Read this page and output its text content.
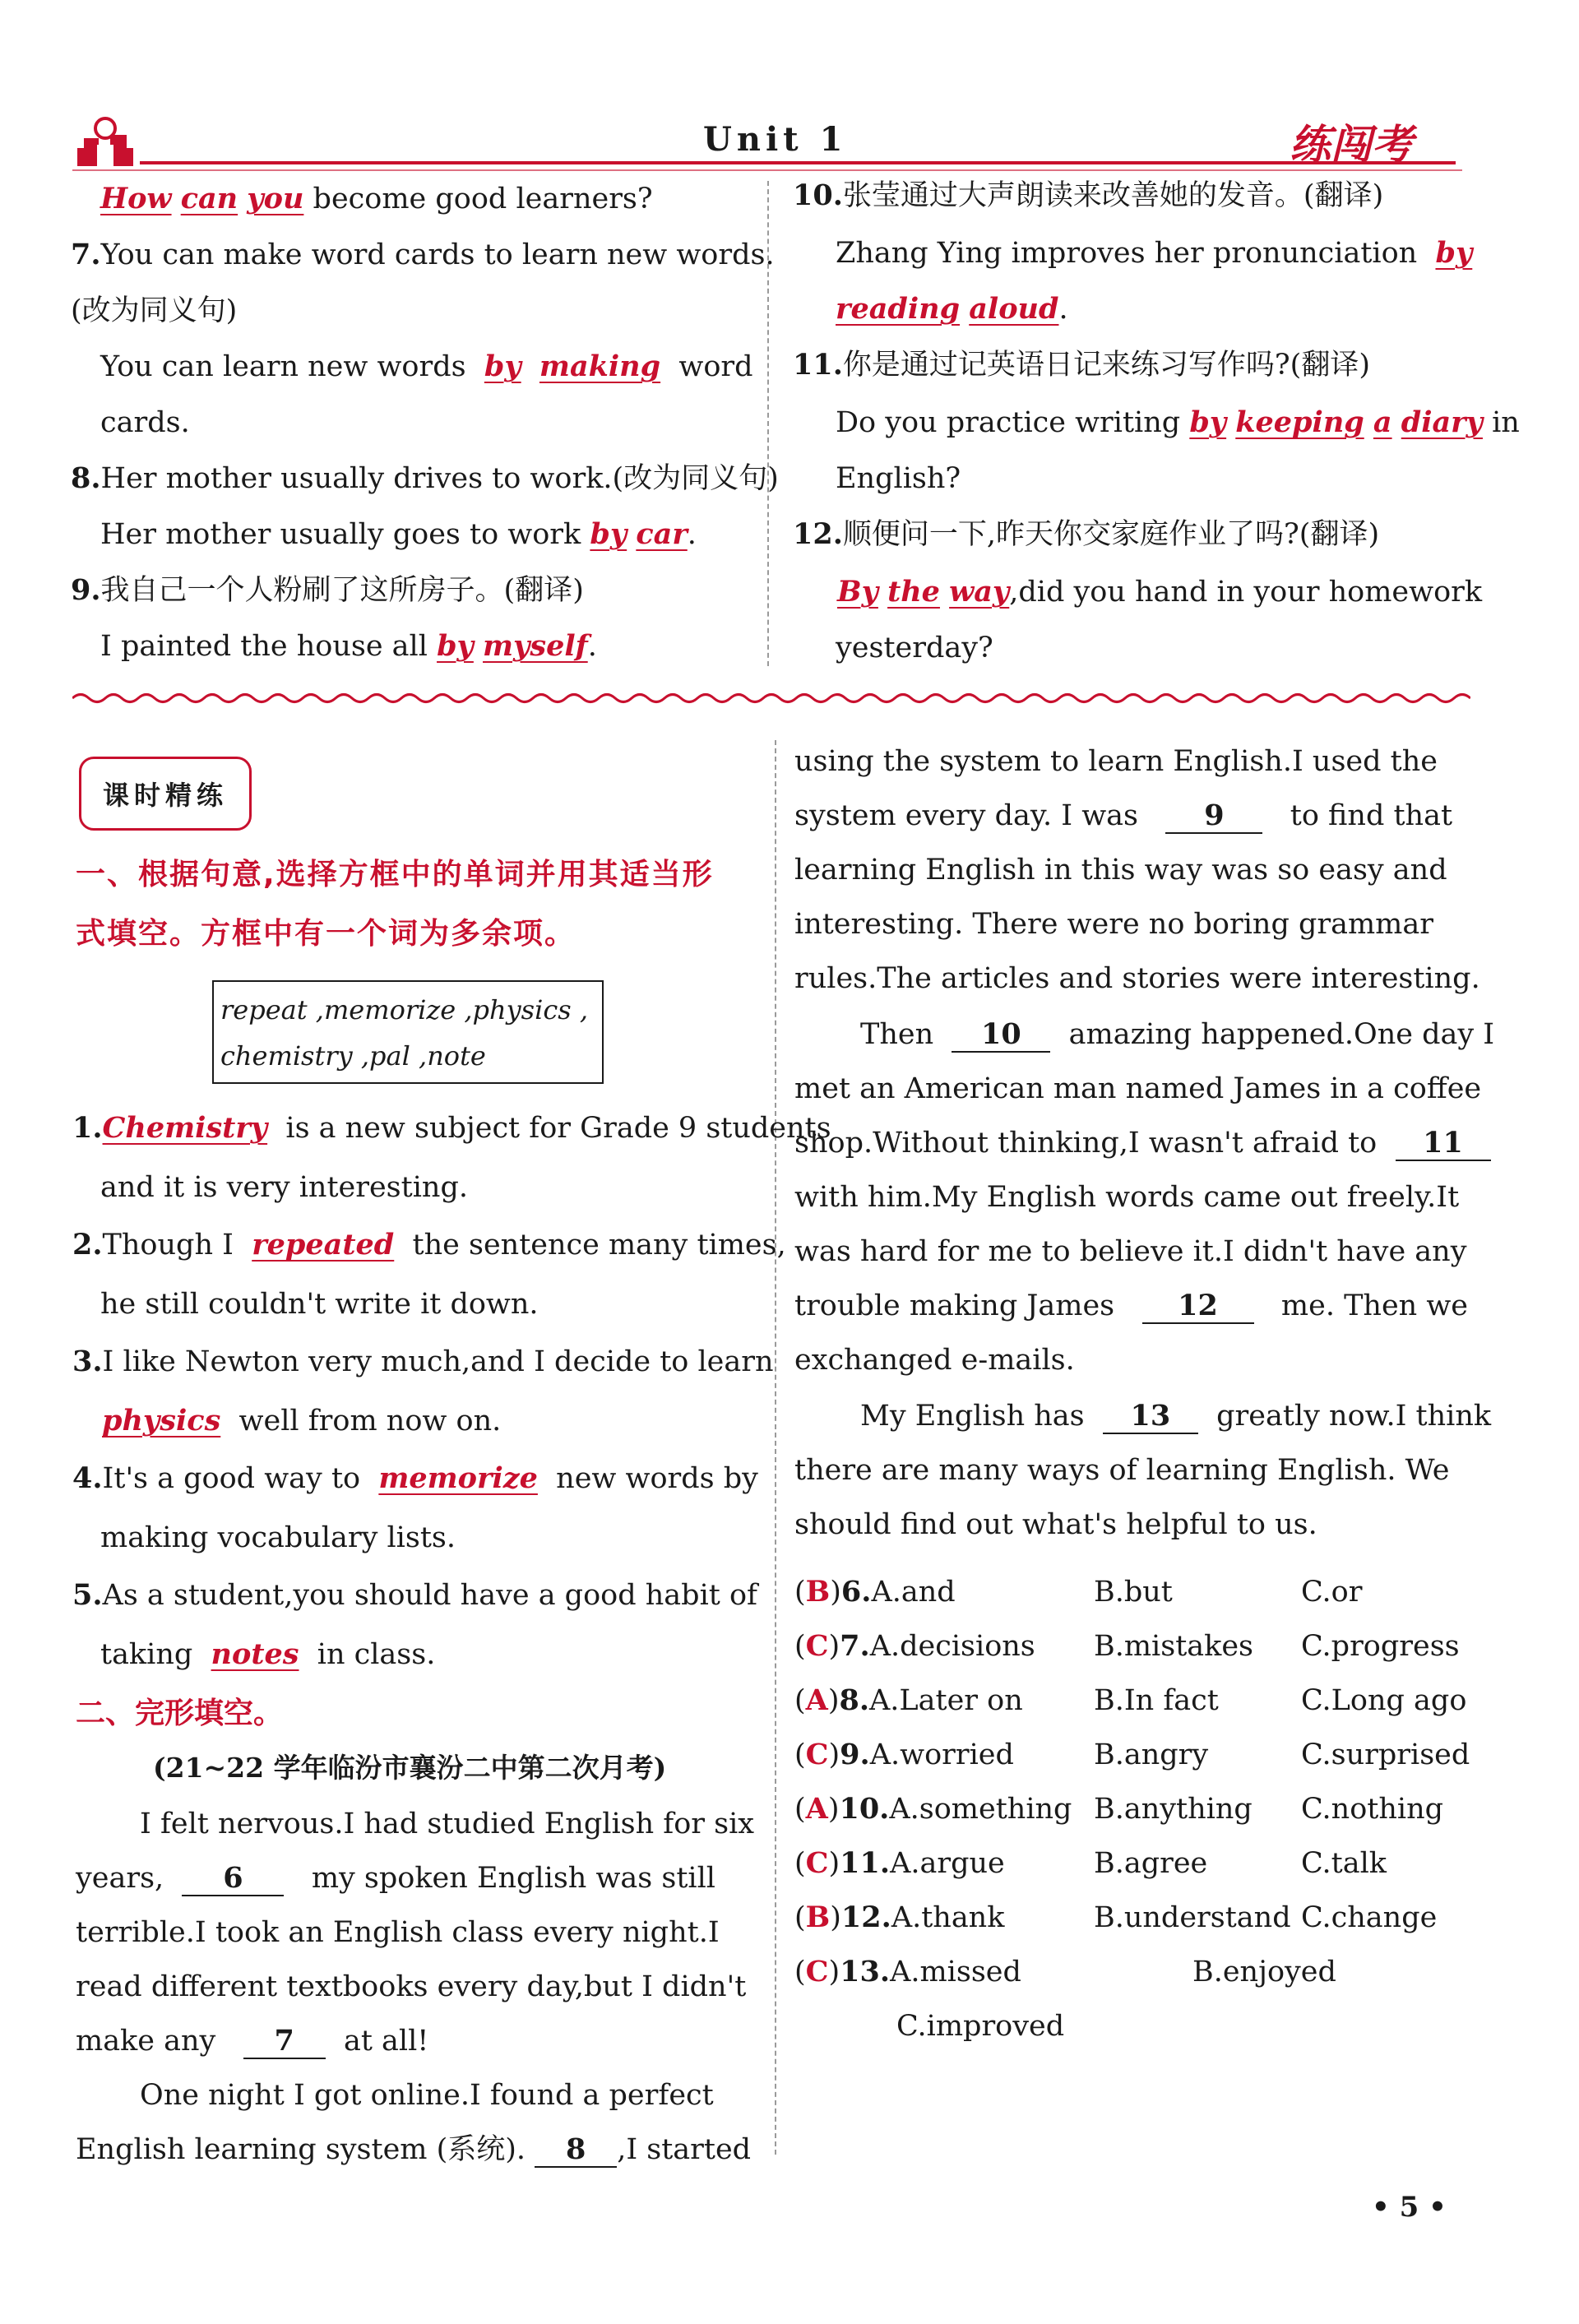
Unit 1	练闯考
How can you become good learners?
7.You can make word cards to learn new words.
(改为同义句)
You can learn new words by making word
cards.
8.Her mother usually drives to work.(改为同义句)
Her mother usually goes to work by car.
9.我自己一个人粉刷了这所房子。(翻译)
I painted the house all by myself.
10.张莹通过大声朗读来改善她的发音。(翻译)
Zhang Ying improves her pronunciation by
reading aloud.
11.你是通过记英语日记来练习写作吗?(翻译)
Do you practice writing by keeping a diary in
English?
12.顺便问一下,昨天你交家庭作业了吗?(翻译)
By the way,did you hand in your homework
yesterday?
课时精练
一、根据句意,选择方框中的单词并用其适当形
式填空。方框中有一个词为多余项。
repeat ,memorize ,physics ,
chemistry ,pal ,note
1.Chemistry is a new subject for Grade 9 students
and it is very interesting.
2.Though I repeated the sentence many times,
he still couldn't write it down.
3.I like Newton very much,and I decide to learn
physics well from now on.
4.It's a good way to memorize new words by
making vocabulary lists.
5.As a student,you should have a good habit of
taking notes in class.
二、完形填空。
(21~22 学年临汾市襄汾二中第二次月考)
I felt nervous.I had studied English for six
years, 6 my spoken English was still
terrible.I took an English class every night.I
read different textbooks every day,but I didn't
make any 7 at all!
One night I got online.I found a perfect
English learning system (系统). 8 ,I started
using the system to learn English.I used the
system every day. I was 9 to find that
learning English in this way was so easy and
interesting. There were no boring grammar
rules.The articles and stories were interesting.
Then 10 amazing happened.One day I
met an American man named James in a coffee
shop.Without thinking,I wasn't afraid to 11
with him.My English words came out freely.It
was hard for me to believe it.I didn't have any
trouble making James 12 me. Then we
exchanged e-mails.
My English has 13 greatly now.I think
there are many ways of learning English. We
should find out what's helpful to us.
(B)6.A.and	B.but	C.or
(C)7.A.decisions B.mistakes C.progress
(A)8.A.Later on B.In fact	C.Long ago
(C)9.A.worried	B.angry	C.surprised
(A)10.A.something B.anything C.nothing
(C)11.A.argue	B.agree	C.talk
(B)12.A.thank	B.understand C.change
(C)13.A.missed	B.enjoyed
C.improved
• 5 •
